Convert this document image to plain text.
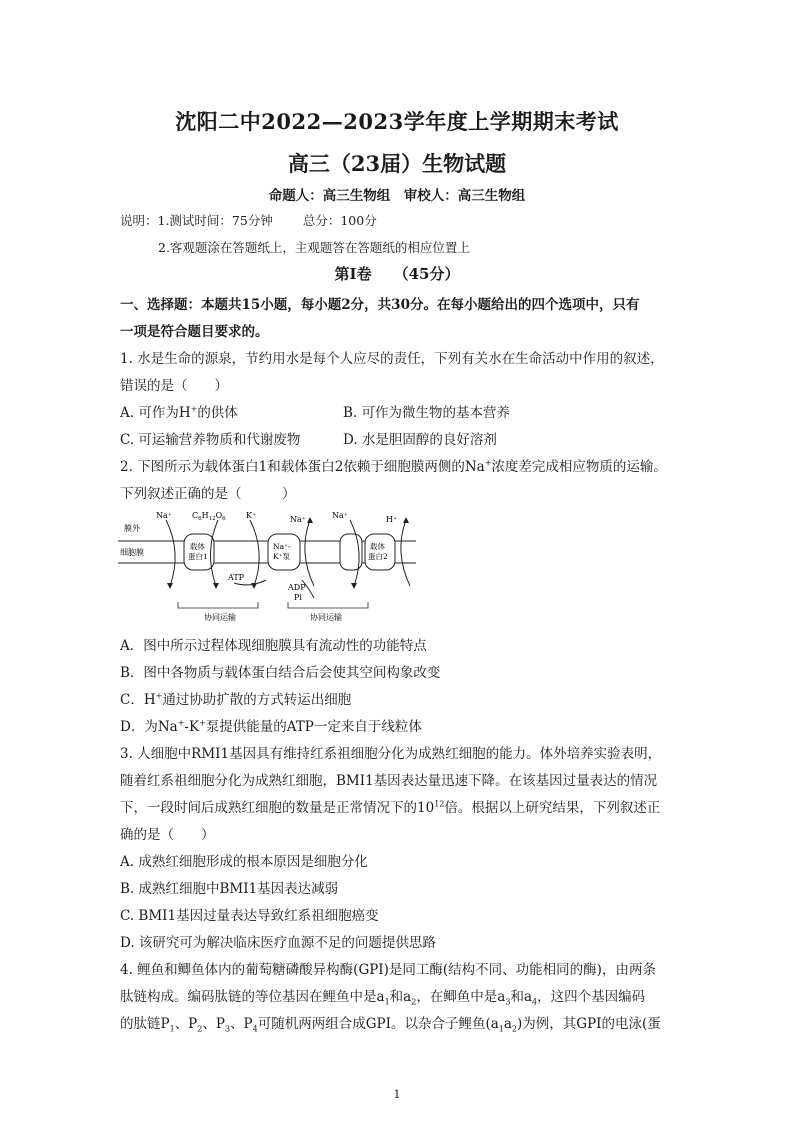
沈阳二中2022—2023学年度上学期期末考试
高三（23届）生物试题
命题人：高三生物组　审校人：高三生物组
说明：1.测试时间：75分钟 总分：100分
2.客观题涂在答题纸上，主观题答在答题纸的相应位置上
第Ⅰ卷 （45分）
一、选择题：本题共15小题，每小题2分，共30分。在每小题给出的四个选项中，只有
一项是符合题目要求的。
1. 水是生命的源泉，节约用水是每个人应尽的责任，下列有关水在生命活动中作用的叙述，
错误的是（　　）
A. 可作为H+的供体	B. 可作为微生物的基本营养
C. 可运输营养物质和代谢废物	D. 水是胆固醇的良好溶剂
2. 下图所示为载体蛋白1和载体蛋白2依赖于细胞膜两侧的Na+浓度差完成相应物质的运输。
下列叙述正确的是（　　　）
膜外
细胞膜
载体
蛋白1
Na⁺-
K⁺泵
载体
蛋白2
Na⁺	$C_6H_{12}O_6$	K⁺	Na⁺	Na⁺	H⁺
ATP
ADP
Pi
协同运输	协同运输
A．图中所示过程体现细胞膜具有流动性的功能特点
B．图中各物质与载体蛋白结合后会使其空间构象改变
C．H+通过协助扩散的方式转运出细胞
D．为Na+-K+泵提供能量的ATP一定来自于线粒体
3. 人细胞中RMI1基因具有维持红系祖细胞分化为成熟红细胞的能力。体外培养实验表明，
随着红系祖细胞分化为成熟红细胞，BMI1基因表达量迅速下降。在该基因过量表达的情况
下，一段时间后成熟红细胞的数量是正常情况下的$10^{12}$倍。根据以上研究结果，下列叙述正
确的是（　　）
A. 成熟红细胞形成的根本原因是细胞分化
B. 成熟红细胞中BMI1基因表达减弱
C. BMI1基因过量表达导致红系祖细胞癌变
D. 该研究可为解决临床医疗血源不足的问题提供思路
4. 鲤鱼和鲫鱼体内的葡萄糖磷酸异构酶(GPI)是同工酶(结构不同、功能相同的酶)，由两条
肽链构成。编码肽链的等位基因在鲤鱼中是$a_1$和$a_2$，在鲫鱼中是$a_3$和$a_4$，这四个基因编码
的肽链$P_1$、$P_2$、$P_3$、$P_4$可随机两两组合成GPI。以杂合子鲤鱼$(a_1a_2)$为例，其GPI的电泳(蛋
1
